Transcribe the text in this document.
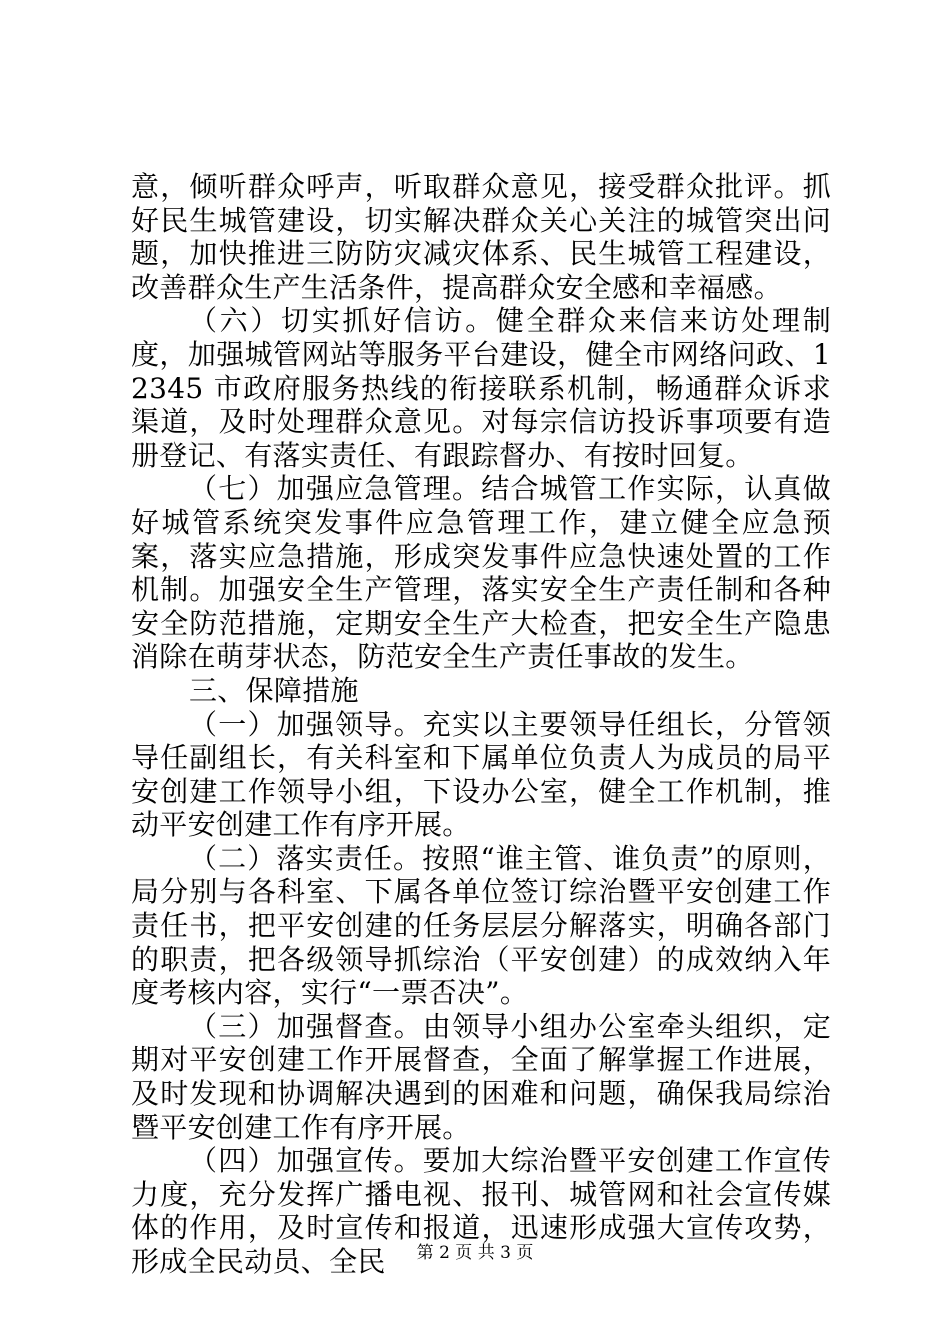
意，倾听群众呼声，听取群众意见，接受群众批评。抓好民生城管建设，切实解决群众关心关注的城管突出问题，加快推进三防防灾减灾体系、民生城管工程建设，改善群众生产生活条件，提高群众安全感和幸福感。

（六）切实抓好信访。健全群众来信来访处理制度，加强城管网站等服务平台建设，健全市网络问政、12345 市政府服务热线的衔接联系机制，畅通群众诉求渠道，及时处理群众意见。对每宗信访投诉事项要有造册登记、有落实责任、有跟踪督办、有按时回复。

（七）加强应急管理。结合城管工作实际，认真做好城管系统突发事件应急管理工作，建立健全应急预案，落实应急措施，形成突发事件应急快速处置的工作机制。加强安全生产管理，落实安全生产责任制和各种安全防范措施，定期安全生产大检查，把安全生产隐患消除在萌芽状态，防范安全生产责任事故的发生。

三、保障措施

（一）加强领导。充实以主要领导任组长，分管领导任副组长，有关科室和下属单位负责人为成员的局平安创建工作领导小组，下设办公室，健全工作机制，推动平安创建工作有序开展。

（二）落实责任。按照“谁主管、谁负责”的原则，局分别与各科室、下属各单位签订综治暨平安创建工作责任书，把平安创建的任务层层分解落实，明确各部门的职责，把各级领导抓综治（平安创建）的成效纳入年度考核内容，实行“一票否决”。

（三）加强督查。由领导小组办公室牵头组织，定期对平安创建工作开展督查，全面了解掌握工作进展，及时发现和协调解决遇到的困难和问题，确保我局综治暨平安创建工作有序开展。

（四）加强宣传。要加大综治暨平安创建工作宣传力度，充分发挥广播电视、报刊、城管网和社会宣传媒体的作用，及时宣传和报道，迅速形成强大宣传攻势，形成全民动员、全民	第 2 页 共 3 页
